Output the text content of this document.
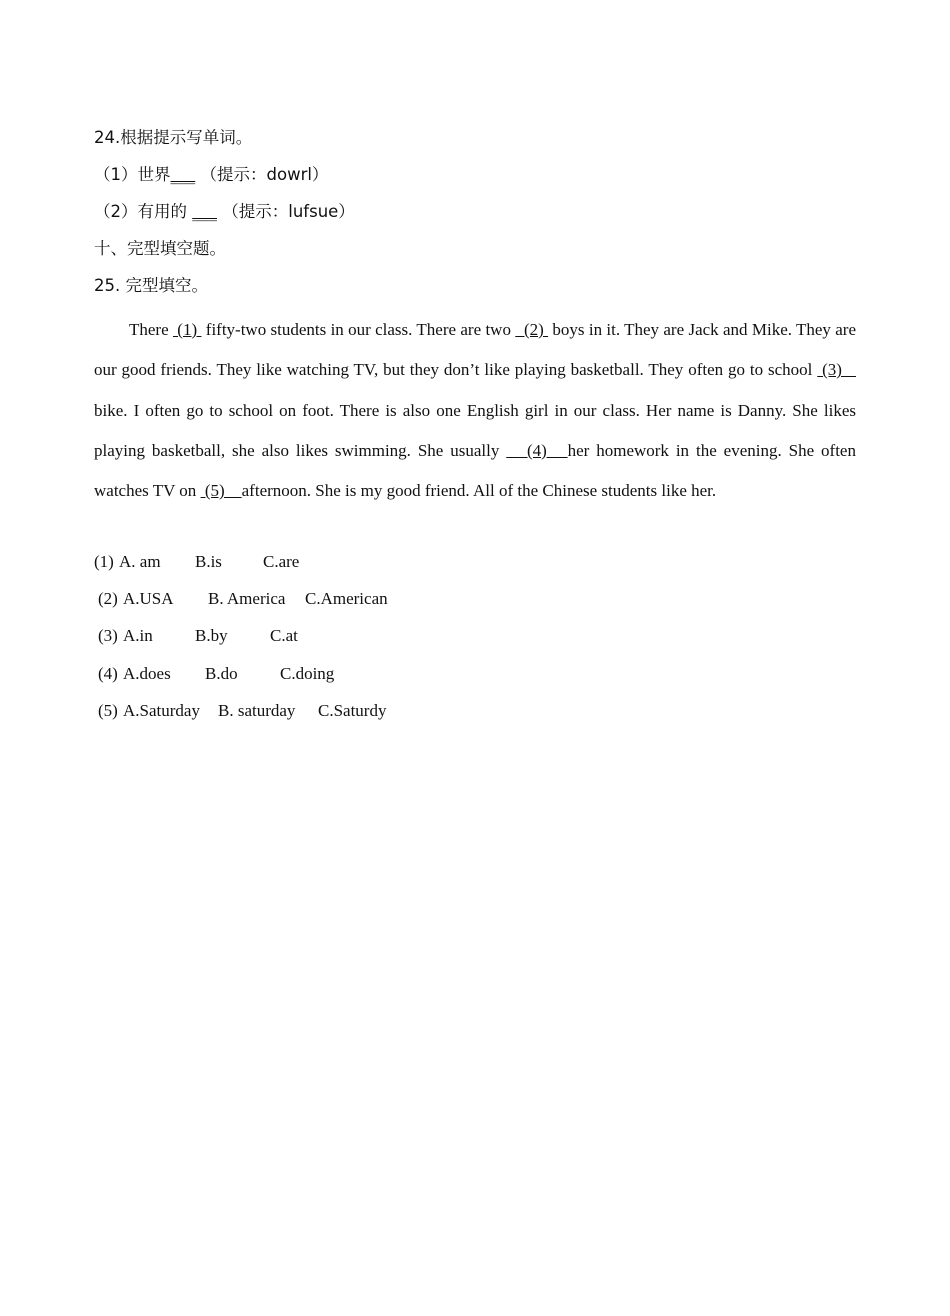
24.根据提示写单词。
（1）世界___ （提示：dowrl）
（2）有用的 ___ （提示：lufsue）
十、完型填空题。
25. 完型填空。
There  (1)  fifty-two students in our class. There are two   (2)  boys in it. They are Jack and Mike. They are our good friends. They like watching TV, but they don’t like playing basketball. They often go to school  (3)    bike. I often go to school on foot. There is also one English girl in our class. Her name is Danny. She likes playing basketball, she also likes swimming. She usually    (4)   her homework in the evening. She often watches TV on  (5)    afternoon. She is my good friend. All of the Chinese students like her.
(1) A. am B.is C.are
(2) A.USA B. America C.American
(3) A.in B.by C.at
(4) A.does B.do C.doing
(5) A.Saturday B. saturday C.Saturdy
